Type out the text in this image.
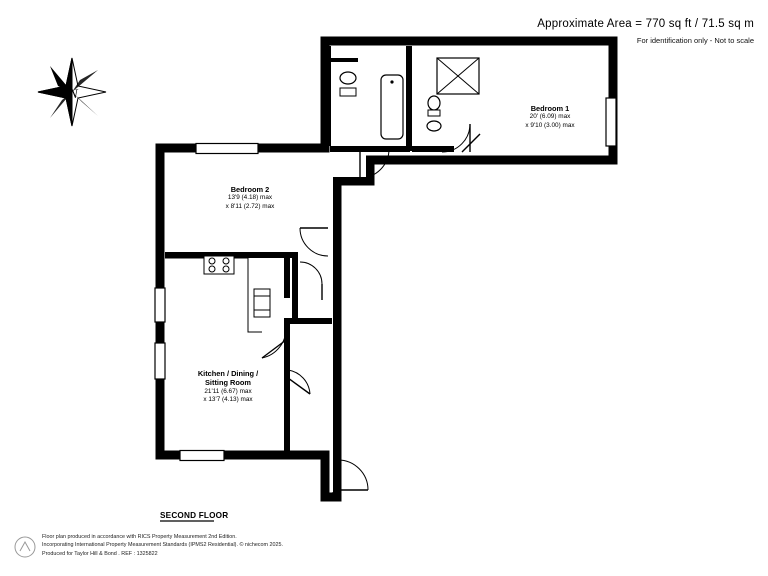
Approximate Area = 770 sq ft / 71.5 sq m
For identification only - Not to scale
N
Bedroom 1
20' (6.09) max
x 9'10 (3.00) max
Bedroom 2
13'9 (4.18) max
x 8'11 (2.72) max
Kitchen / Dining /
Sitting Room
21'11 (6.67) max
x 13'7 (4.13) max
SECOND FLOOR
Floor plan produced in accordance with RICS Property Measurement 2nd Edition.
Incorporating International Property Measurement Standards (IPMS2 Residential). © nichecom 2025.
Produced for Taylor Hill & Bond . REF : 1325822
